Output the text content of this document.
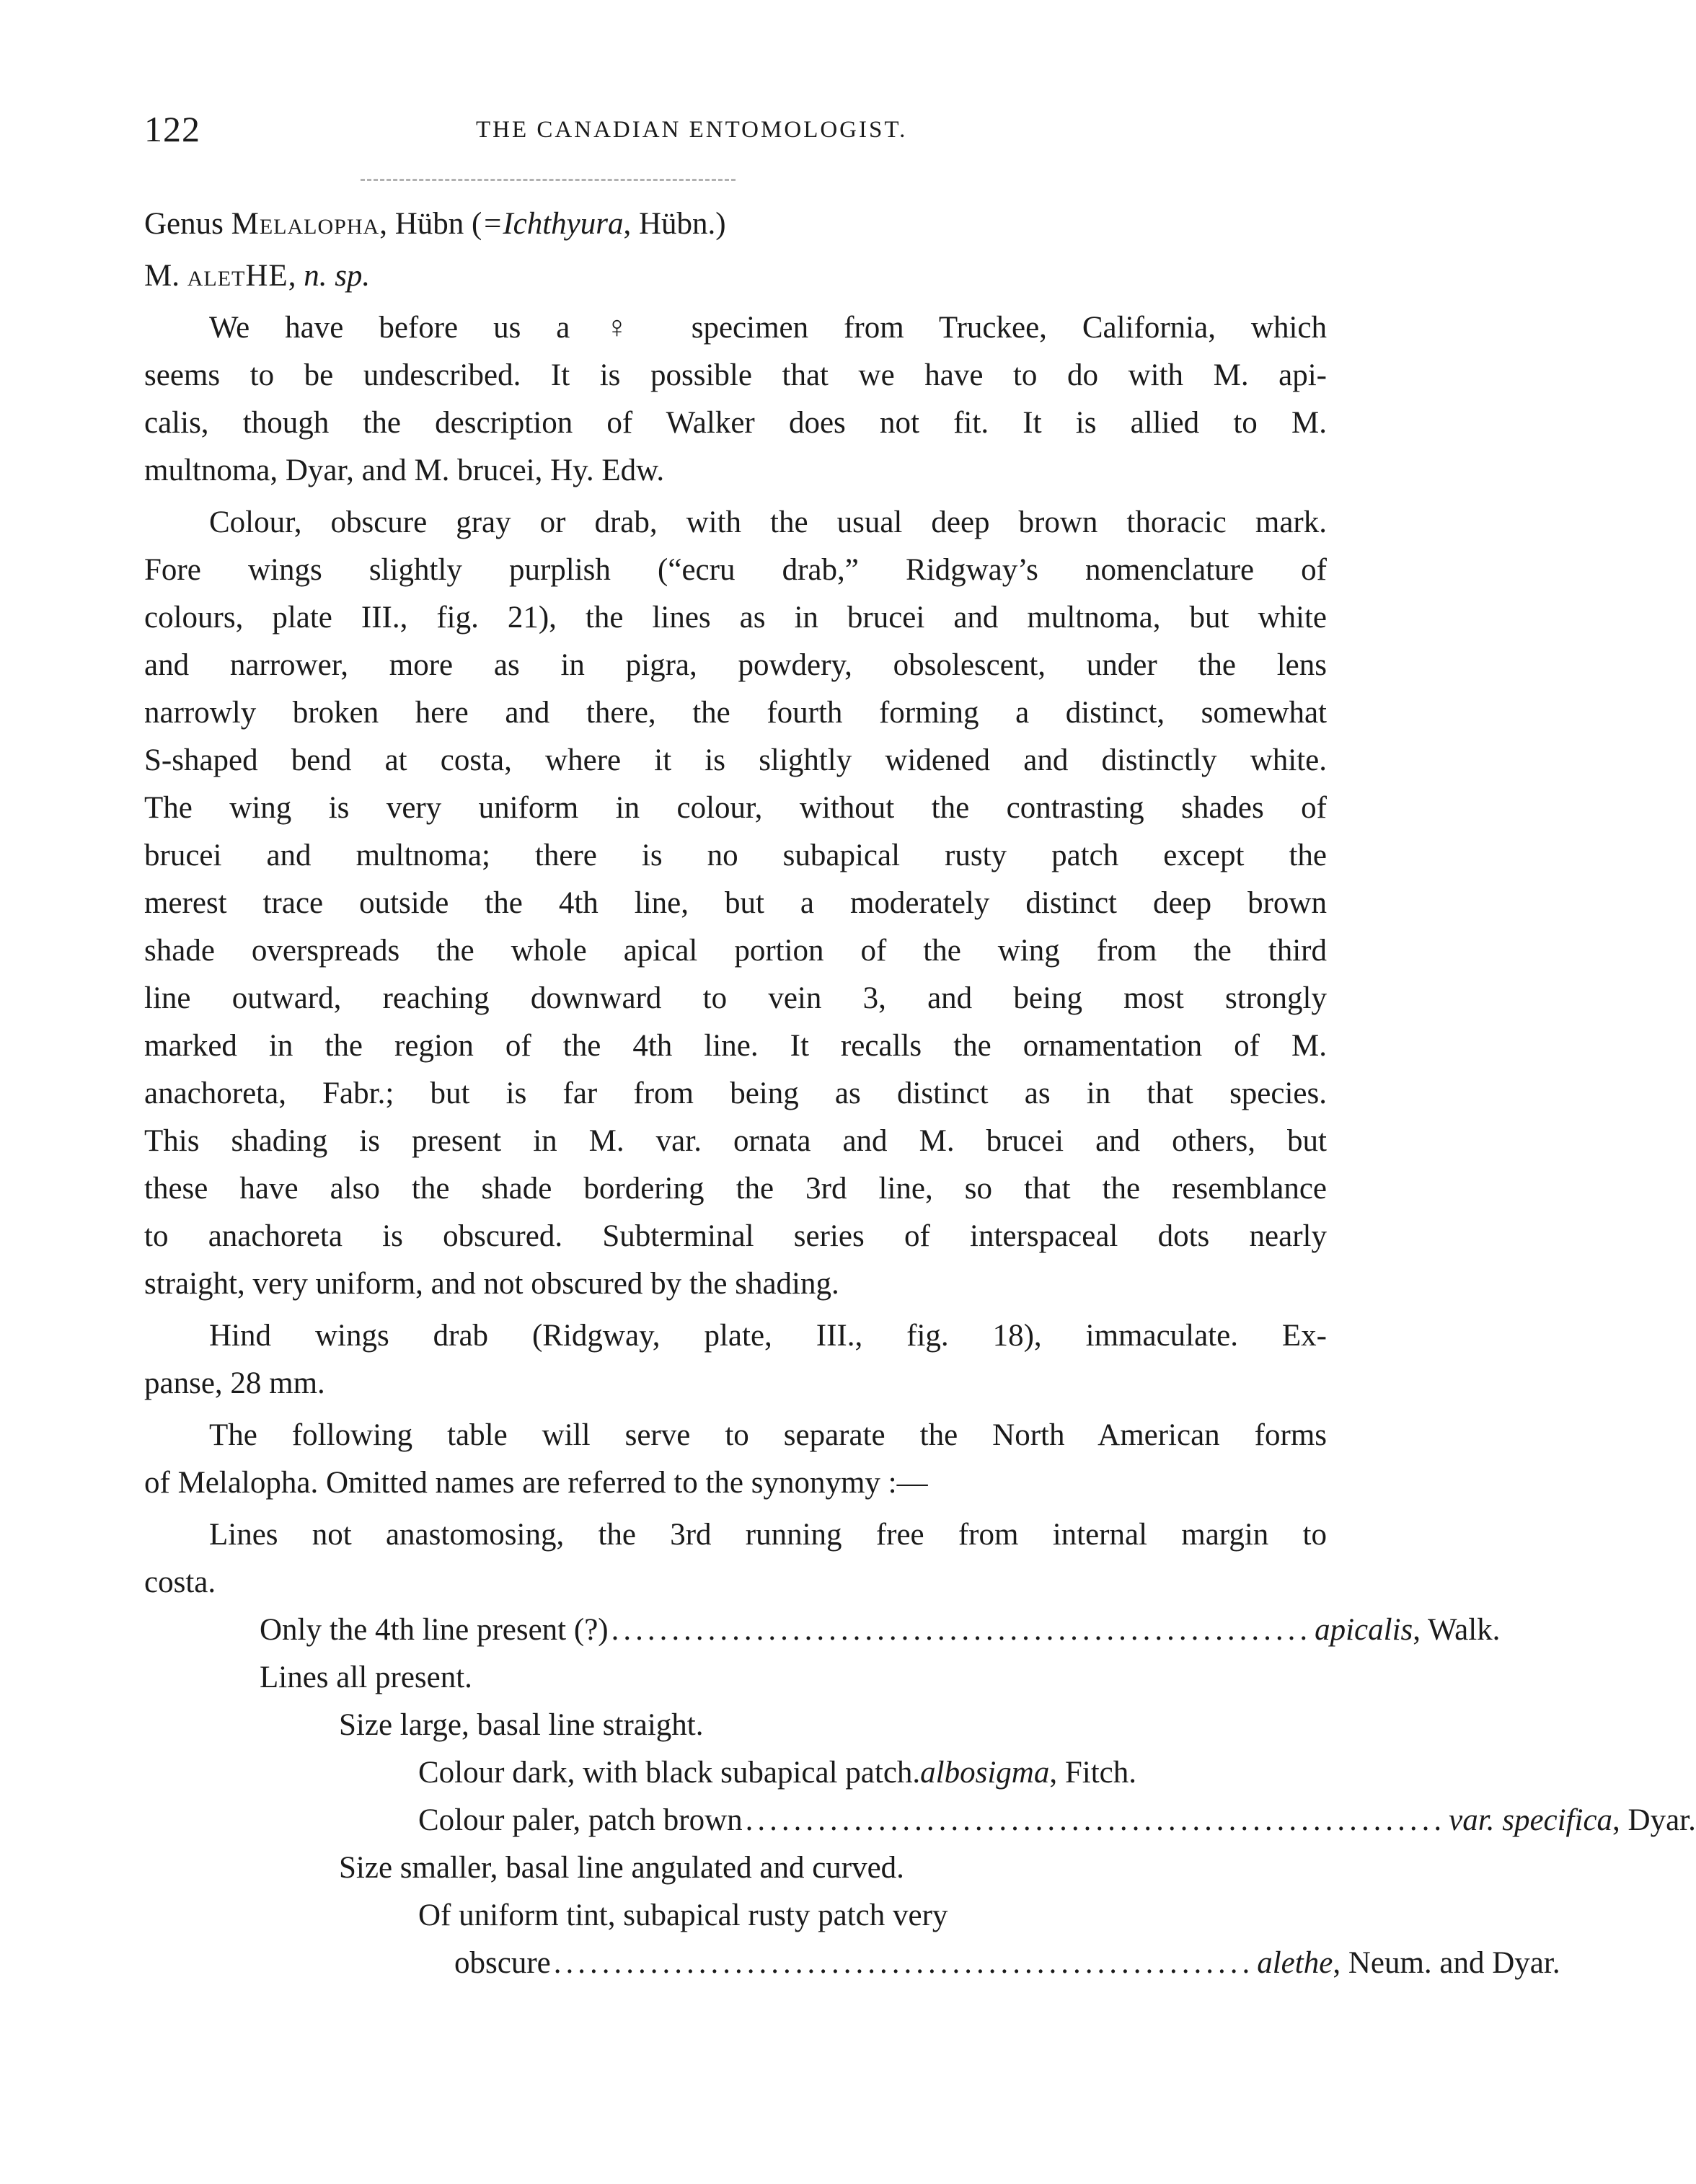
122	THE CANADIAN ENTOMOLOGIST.
Genus Melalopha, Hübn (=Ichthyura, Hübn.)
M. aletHE, n. sp.
We have before us a ♀ specimen from Truckee, California, which
seems to be undescribed. It is possible that we have to do with M. api-
calis, though the description of Walker does not fit. It is allied to M.
multnoma, Dyar, and M. brucei, Hy. Edw.
Colour, obscure gray or drab, with the usual deep brown thoracic mark.
Fore wings slightly purplish (“ecru drab,” Ridgway’s nomenclature of
colours, plate III., fig. 21), the lines as in brucei and multnoma, but white
and narrower, more as in pigra, powdery, obsolescent, under the lens
narrowly broken here and there, the fourth forming a distinct, somewhat
S-shaped bend at costa, where it is slightly widened and distinctly white.
The wing is very uniform in colour, without the contrasting shades of
brucei and multnoma; there is no subapical rusty patch except the
merest trace outside the 4th line, but a moderately distinct deep brown
shade overspreads the whole apical portion of the wing from the third
line outward, reaching downward to vein 3, and being most strongly
marked in the region of the 4th line. It recalls the ornamentation of M.
anachoreta, Fabr.; but is far from being as distinct as in that species.
This shading is present in M. var. ornata and M. brucei and others, but
these have also the shade bordering the 3rd line, so that the resemblance
to anachoreta is obscured. Subterminal series of interspaceal dots nearly
straight, very uniform, and not obscured by the shading.
Hind wings drab (Ridgway, plate, III., fig. 18), immaculate. Ex-
panse, 28 mm.
The following table will serve to separate the North American forms
of Melalopha. Omitted names are referred to the synonymy :—
Lines not anastomosing, the 3rd running free from internal margin to
costa.
Only the 4th line present (?) .......................................................... apicalis, Walk.
Lines all present.
Size large, basal line straight.
Colour dark, with black subapical patch. albosigma, Fitch.
Colour paler, patch brown .......................................................... var. specifica, Dyar.
Size smaller, basal line angulated and curved.
Of uniform tint, subapical rusty patch very
obscure .......................................................... alethe, Neum. and Dyar.
